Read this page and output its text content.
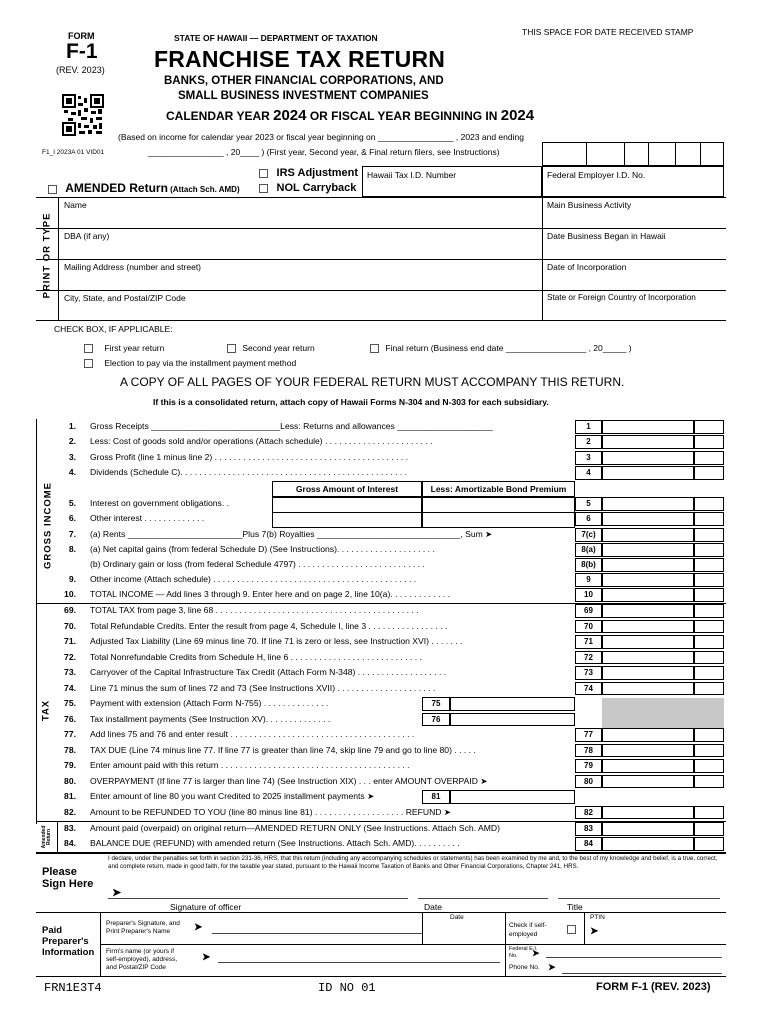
FORM
F-1
(REV. 2023)
STATE OF HAWAII — DEPARTMENT OF TAXATION
THIS SPACE FOR DATE RECEIVED STAMP
FRANCHISE TAX RETURN
BANKS, OTHER FINANCIAL CORPORATIONS, AND
SMALL BUSINESS INVESTMENT COMPANIES
CALENDAR YEAR 2024 OR FISCAL YEAR BEGINNING IN 2024
(Based on income for calendar year 2023 or fiscal year beginning on ________________ , 2023 and ending
F1_I 2023A 01 VID01	________________ , 20____ ) (First year, Second year, & Final return filers, see Instructions)
IRS Adjustment
NOL Carryback
AMENDED Return (Attach Sch. AMD)
Hawaii Tax I.D. Number	Federal Employer I.D. No.
PRINT OR TYPE
Name	Main Business Activity
DBA (if any)	Date Business Began in Hawaii
Mailing Address (number and street)	Date of Incorporation
City, State, and Postal/ZIP Code	State or Foreign Country of Incorporation
CHECK BOX, IF APPLICABLE:
First year return	Second year return	Final return (Business end date _________________ , 20_____ )
Election to pay via the installment payment method
A COPY OF ALL PAGES OF YOUR FEDERAL RETURN MUST ACCOMPANY THIS RETURN.
If this is a consolidated return, attach copy of Hawaii Forms N-304 and N-303 for each subsidiary.
GROSS INCOME	Gross Amount of Interest	Less: Amortizable Bond Premium
1. Gross Receipts ___________________________Less: Returns and allowances ____________________	1
2. Less: Cost of goods sold and/or operations (Attach schedule) . . . . . . . . . . . . . . . . . . . . . . .	2
3. Gross Profit (line 1 minus line 2) . . . . . . . . . . . . . . . . . . . . . . . . . . . . . . . . . . . . . . . . .	3
4. Dividends (Schedule C). . . . . . . . . . . . . . . . . . . . . . . . . . . . . . . . . . . . . . . . . . . . . . . .	4
5. Interest on government obligations. .	5
6. Other interest . . . . . . . . . . . . .	6
7. (a) Rents ________________________Plus 7(b) Royalties ______________________________, Sum ➤	7(c)
8. (a) Net capital gains (from federal Schedule D) (See Instructions). . . . . . . . . . . . . . . . . . . . .	8(a)
(b) Ordinary gain or loss (from federal Schedule 4797) . . . . . . . . . . . . . . . . . . . . . . . . . . .	8(b)
9. Other income (Attach schedule) . . . . . . . . . . . . . . . . . . . . . . . . . . . . . . . . . . . . . . . . . . .	9
10. TOTAL INCOME — Add lines 3 through 9. Enter here and on page 2, line 10(a). . . . . . . . . . . . .	10
TAX
69. TOTAL TAX from page 3, line 68 . . . . . . . . . . . . . . . . . . . . . . . . . . . . . . . . . . . . . . . . . . .	69
70. Total Refundable Credits. Enter the result from page 4, Schedule I, line 3 . . . . . . . . . . . . . . . . .	70
71. Adjusted Tax Liability (Line 69 minus line 70. If line 71 is zero or less, see Instruction XVI) . . . . . . .	71
72. Total Nonrefundable Credits from Schedule H, line 6 . . . . . . . . . . . . . . . . . . . . . . . . . . . .	72
73. Carryover of the Capital Infrastructure Tax Credit (Attach Form N-348) . . . . . . . . . . . . . . . . . . .	73
74. Line 71 minus the sum of lines 72 and 73 (See Instructions XVII) . . . . . . . . . . . . . . . . . . . . .	74
75. Payment with extension (Attach Form N-755) . . . . . . . . . . . . . .	75
76. Tax installment payments (See Instruction XV). . . . . . . . . . . . . .	76
77. Add lines 75 and 76 and enter result . . . . . . . . . . . . . . . . . . . . . . . . . . . . . . . . . . . . . . .	77
78. TAX DUE (Line 74 minus line 77. If line 77 is greater than line 74, skip line 79 and go to line 80) . . . . .	78
79. Enter amount paid with this return . . . . . . . . . . . . . . . . . . . . . . . . . . . . . . . . . . . . . . . .	79
80. OVERPAYMENT (If line 77 is larger than line 74) (See Instruction XIX) . . . enter AMOUNT OVERPAID ➤	80
81. Enter amount of line 80 you want Credited to 2025 installment payments ➤	81
82. Amount to be REFUNDED TO YOU (line 80 minus line 81) . . . . . . . . . . . . . . . . . . . REFUND ➤	82
Amended Return
83. Amount paid (overpaid) on original return—AMENDED RETURN ONLY (See Instructions. Attach Sch. AMD)	83
84. BALANCE DUE (REFUND) with amended return (See Instructions. Attach Sch. AMD). . . . . . . . . .	84
Please Sign Here
I declare, under the penalties set forth in section 231-36, HRS, that this return (including any accompanying schedules or statements) has been examined by me and, to the best of my knowledge and belief, is a true, correct, and complete return, made in good faith, for the taxable year stated, pursuant to the Hawaii Income Taxation of Banks and Other Financial Corporations, Chapter 241, HRS.
➤
Signature of officer	Date	Title
Paid Preparer's Information
Preparer's Signature, and Print Preparer's Name	➤
Date
Check if self-employed
PTIN
➤
Firm's name (or yours if self-employed), address, and Postal/ZIP Code
➤
Federal E.I. No.	➤
Phone No. ➤
FRN1E3T4	ID NO 01	FORM F-1 (REV. 2023)
